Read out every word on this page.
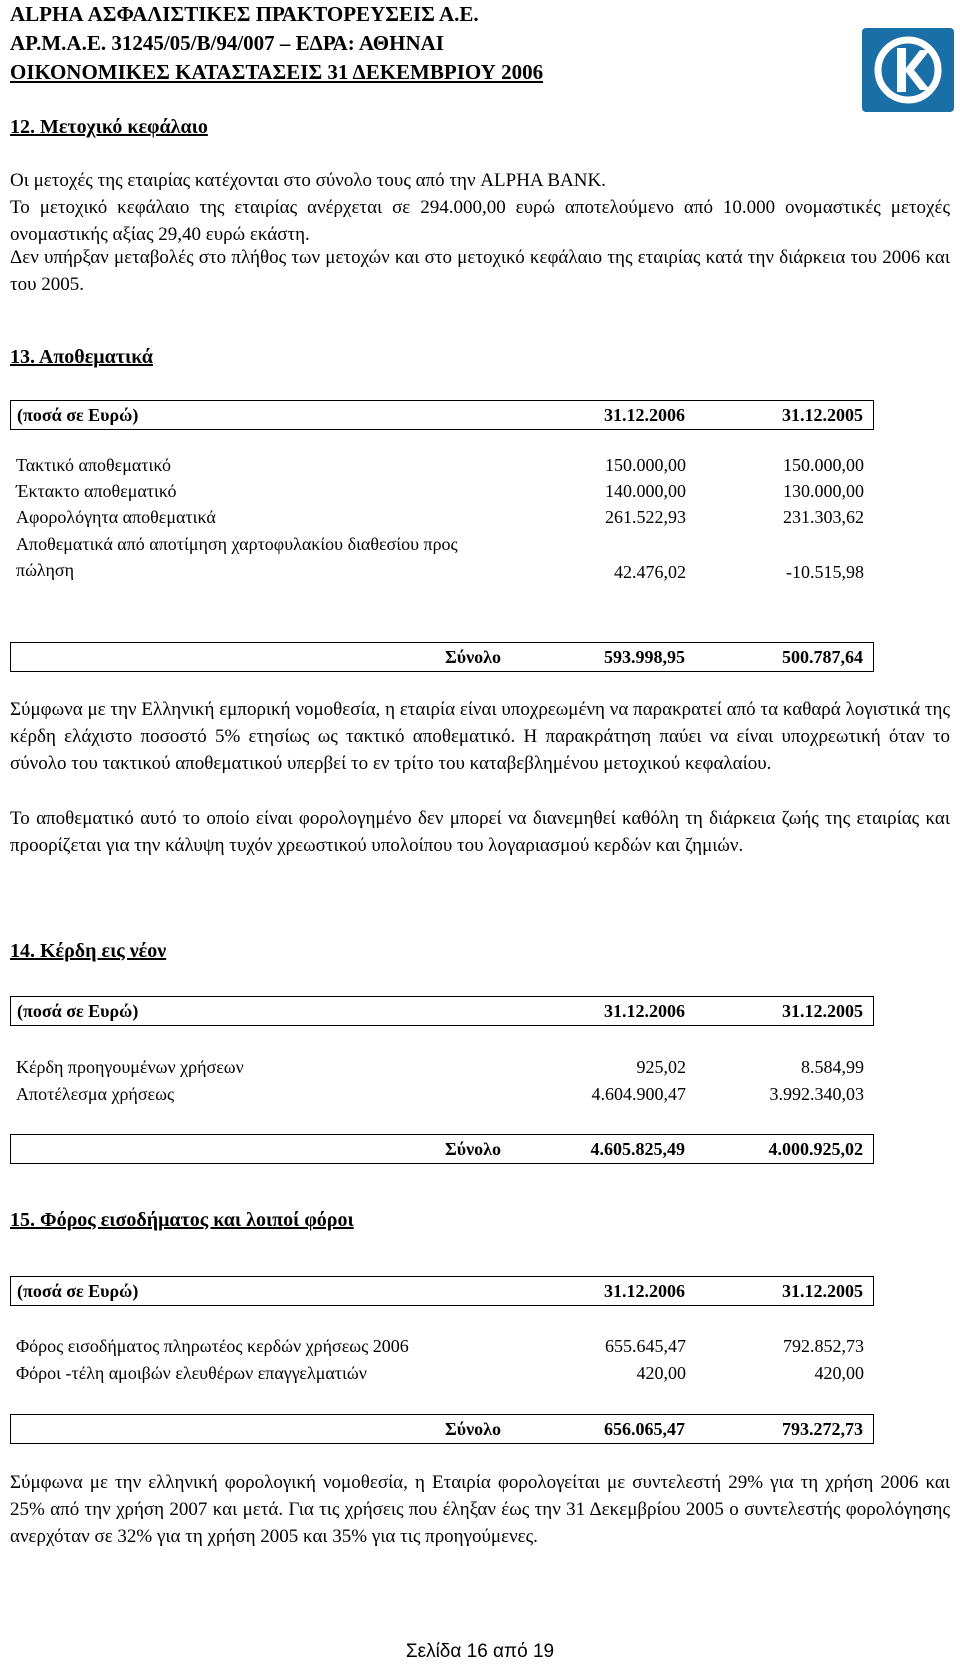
ALPHA ΑΣΦΑΛΙΣΤΙΚΕΣ ΠΡΑΚΤΟΡΕΥΣΕΙΣ Α.Ε.
ΑΡ.Μ.Α.Ε. 31245/05/Β/94/007 – ΕΔΡΑ: ΑΘΗΝΑΙ
ΟΙΚΟΝΟΜΙΚΕΣ ΚΑΤΑΣΤΑΣΕΙΣ 31 ΔΕΚΕΜΒΡΙΟΥ 2006
12. Μετοχικό κεφάλαιο

Οι μετοχές της εταιρίας κατέχονται στο σύνολο τους από την ALPHA BANK.

Το μετοχικό κεφάλαιο της εταιρίας ανέρχεται σε 294.000,00 ευρώ αποτελούμενο από 10.000 ονομαστικές μετοχές ονομαστικής αξίας 29,40 ευρώ εκάστη.

Δεν υπήρξαν μεταβολές στο πλήθος των μετοχών και στο μετοχικό κεφάλαιο της εταιρίας κατά την διάρκεια του 2006 και του 2005.

13. Αποθεματικά
(ποσά σε Ευρώ)	31.12.2006	31.12.2005
Τακτικό αποθεματικό	150.000,00	150.000,00
Έκτακτο αποθεματικό	140.000,00	130.000,00
Αφορολόγητα αποθεματικά	261.522,93	231.303,62
Αποθεματικά από αποτίμηση χαρτοφυλακίου διαθεσίου προς πώληση	42.476,02	-10.515,98
Σύνολο	593.998,95	500.787,64

Σύμφωνα με την Ελληνική εμπορική νομοθεσία, η εταιρία είναι υποχρεωμένη να παρακρατεί από τα καθαρά λογιστικά της κέρδη ελάχιστο ποσοστό 5% ετησίως ως τακτικό αποθεματικό. Η παρακράτηση παύει να είναι υποχρεωτική όταν το σύνολο του τακτικού αποθεματικού υπερβεί το εν τρίτο του καταβεβλημένου μετοχικού κεφαλαίου.

Το αποθεματικό αυτό το οποίο είναι φορολογημένο δεν μπορεί να διανεμηθεί καθόλη τη διάρκεια ζωής της εταιρίας και προορίζεται για την κάλυψη τυχόν χρεωστικού υπολοίπου του λογαριασμού κερδών και ζημιών.

14. Κέρδη εις νέον
(ποσά σε Ευρώ)	31.12.2006	31.12.2005
Κέρδη προηγουμένων χρήσεων	925,02	8.584,99
Αποτέλεσμα χρήσεως	4.604.900,47	3.992.340,03
Σύνολο	4.605.825,49	4.000.925,02
15. Φόρος εισοδήματος και λοιποί φόροι
(ποσά σε Ευρώ)	31.12.2006	31.12.2005
Φόρος εισοδήματος πληρωτέος κερδών χρήσεως 2006	655.645,47	792.852,73
Φόροι -τέλη αμοιβών ελευθέρων επαγγελματιών	420,00	420,00
Σύνολο	656.065,47	793.272,73

Σύμφωνα με την ελληνική φορολογική νομοθεσία, η Εταιρία φορολογείται με συντελεστή 29% για τη χρήση 2006 και 25% από την χρήση 2007 και μετά. Για τις χρήσεις που έληξαν έως την 31 Δεκεμβρίου 2005 ο συντελεστής φορολόγησης ανερχόταν σε 32% για τη χρήση 2005 και 35% για τις προηγούμενες.

Σελίδα 16 από 19
